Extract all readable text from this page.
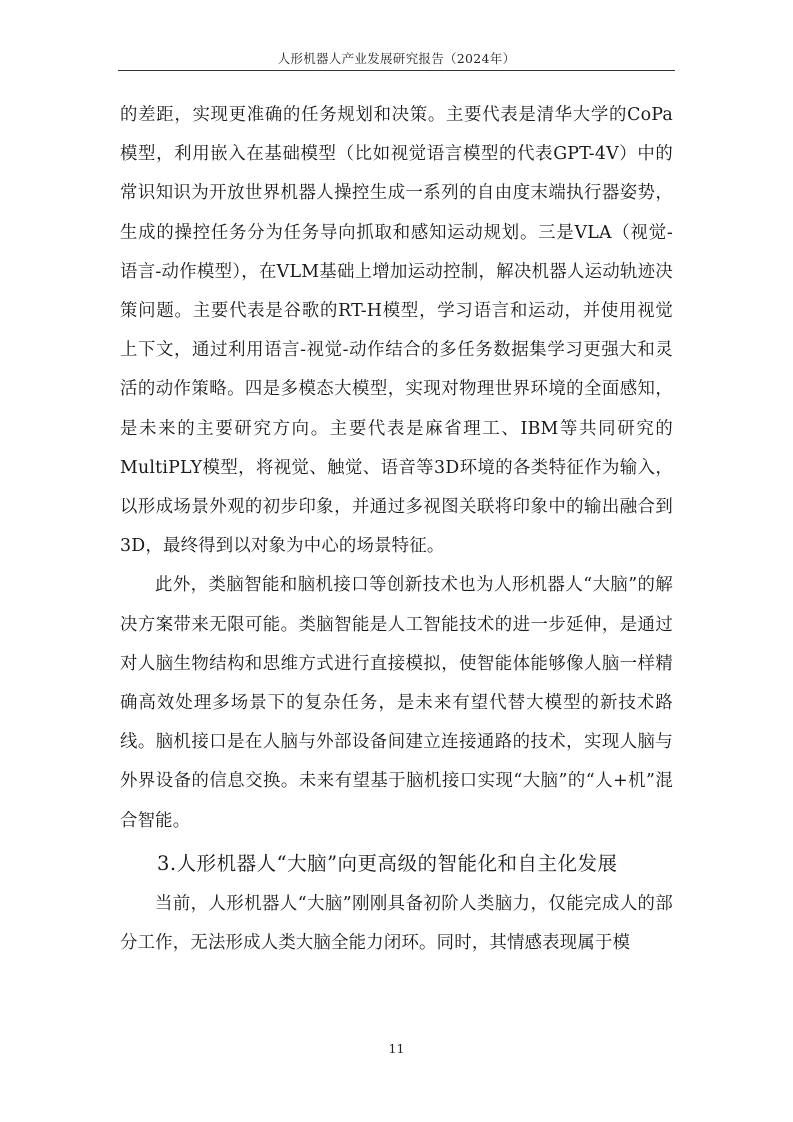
人形机器人产业发展研究报告（2024年）

的差距，实现更准确的任务规划和决策。主要代表是清华大学的CoPa模型，利用嵌入在基础模型（比如视觉语言模型的代表GPT-4V）中的常识知识为开放世界机器人操控生成一系列的自由度末端执行器姿势，生成的操控任务分为任务导向抓取和感知运动规划。三是VLA（视觉-语言-动作模型），在VLM基础上增加运动控制，解决机器人运动轨迹决策问题。主要代表是谷歌的RT-H模型，学习语言和运动，并使用视觉上下文，通过利用语言-视觉-动作结合的多任务数据集学习更强大和灵活的动作策略。四是多模态大模型，实现对物理世界环境的全面感知，是未来的主要研究方向。主要代表是麻省理工、IBM等共同研究的MultiPLY模型，将视觉、触觉、语音等3D环境的各类特征作为输入，以形成场景外观的初步印象，并通过多视图关联将印象中的输出融合到3D，最终得到以对象为中心的场景特征。

此外，类脑智能和脑机接口等创新技术也为人形机器人“大脑”的解决方案带来无限可能。类脑智能是人工智能技术的进一步延伸，是通过对人脑生物结构和思维方式进行直接模拟，使智能体能够像人脑一样精确高效处理多场景下的复杂任务，是未来有望代替大模型的新技术路线。脑机接口是在人脑与外部设备间建立连接通路的技术，实现人脑与外界设备的信息交换。未来有望基于脑机接口实现“大脑”的“人+机”混合智能。

3.人形机器人“大脑”向更高级的智能化和自主化发展

当前，人形机器人“大脑”刚刚具备初阶人类脑力，仅能完成人的部分工作，无法形成人类大脑全能力闭环。同时，其情感表现属于模

11
